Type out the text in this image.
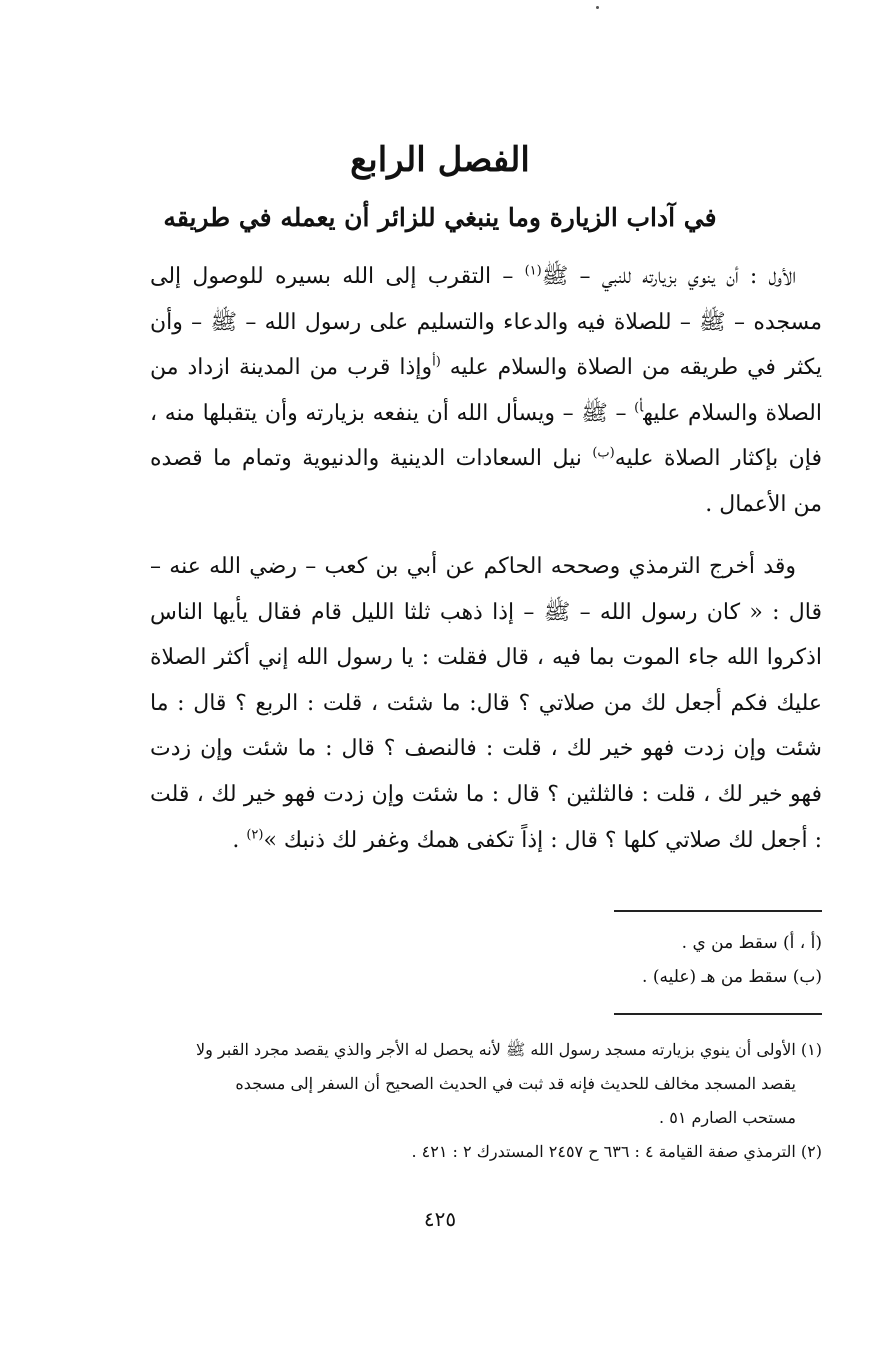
الفصل الرابع
في آداب الزيارة وما ينبغي للزائر أن يعمله في طريقه

الأول : أن ينوي بزيارته للنبي – ﷺ$^{(١)}$ – التقرب إلى الله بسيره للوصول إلى مسجده – ﷺ – للصلاة فيه والدعاء والتسليم على رسول الله – ﷺ – وأن يكثر في طريقه من الصلاة والسلام عليه $^{(أ}$وإذا قرب من المدينة ازداد من الصلاة والسلام عليه$^{أ)}$ – ﷺ – ويسأل الله أن ينفعه بزيارته وأن يتقبلها منه ، فإن بإكثار الصلاة عليه$^{(ب)}$ نيل السعادات الدينية والدنيوية وتمام ما قصده من الأعمال .

وقد أخرج الترمذي وصححه الحاكم عن أبي بن كعب – رضي الله عنه – قال : « كان رسول الله – ﷺ – إذا ذهب ثلثا الليل قام فقال يأيها الناس اذكروا الله جاء الموت بما فيه ، قال فقلت : يا رسول الله إني أكثر الصلاة عليك فكم أجعل لك من صلاتي ؟ قال: ما شئت ، قلت : الربع ؟ قال : ما شئت وإن زدت فهو خير لك ، قلت : فالنصف ؟ قال : ما شئت وإن زدت فهو خير لك ، قلت : فالثلثين ؟ قال : ما شئت وإن زدت فهو خير لك ، قلت : أجعل لك صلاتي كلها ؟ قال : إذاً تكفى همك وغفر لك ذنبك »$^{(٢)}$ .

(أ ، أ) سقط من ي .
(ب) سقط من هـ (عليه) .
(١) الأولى أن ينوي بزيارته مسجد رسول الله ﷺ لأنه يحصل له الأجر والذي يقصد مجرد القبر ولا
يقصد المسجد مخالف للحديث فإنه قد ثبت في الحديث الصحيح أن السفر إلى مسجده
مستحب الصارم ٥١ .
(٢) الترمذي صفة القيامة ٤ : ٦٣٦ ح ٢٤٥٧ المستدرك ٢ : ٤٢١ .
٤٢٥
